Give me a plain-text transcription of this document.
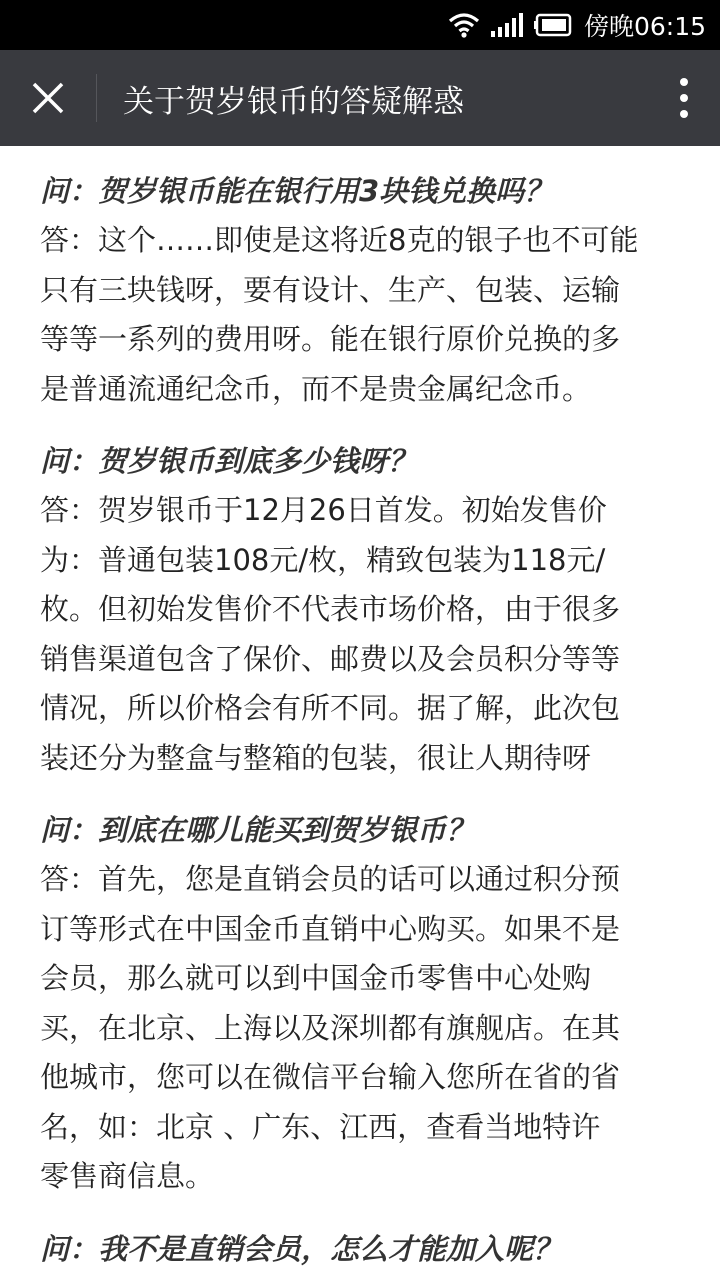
傍晚06:15
关于贺岁银币的答疑解惑
问：贺岁银币能在银行用3块钱兑换吗？
答：这个……即使是这将近8克的银子也不可能
只有三块钱呀，要有设计、生产、包装、运输
等等一系列的费用呀。能在银行原价兑换的多
是普通流通纪念币，而不是贵金属纪念币。
问：贺岁银币到底多少钱呀？
答：贺岁银币于12月26日首发。初始发售价
为：普通包装108元/枚，精致包装为118元/
枚。但初始发售价不代表市场价格，由于很多
销售渠道包含了保价、邮费以及会员积分等等
情况，所以价格会有所不同。据了解，此次包
装还分为整盒与整箱的包装，很让人期待呀
问：到底在哪儿能买到贺岁银币？
答：首先，您是直销会员的话可以通过积分预
订等形式在中国金币直销中心购买。如果不是
会员，那么就可以到中国金币零售中心处购
买，在北京、上海以及深圳都有旗舰店。在其
他城市，您可以在微信平台输入您所在省的省
名，如：北京 、广东、江西，查看当地特许
零售商信息。
问：我不是直销会员，怎么才能加入呢？
